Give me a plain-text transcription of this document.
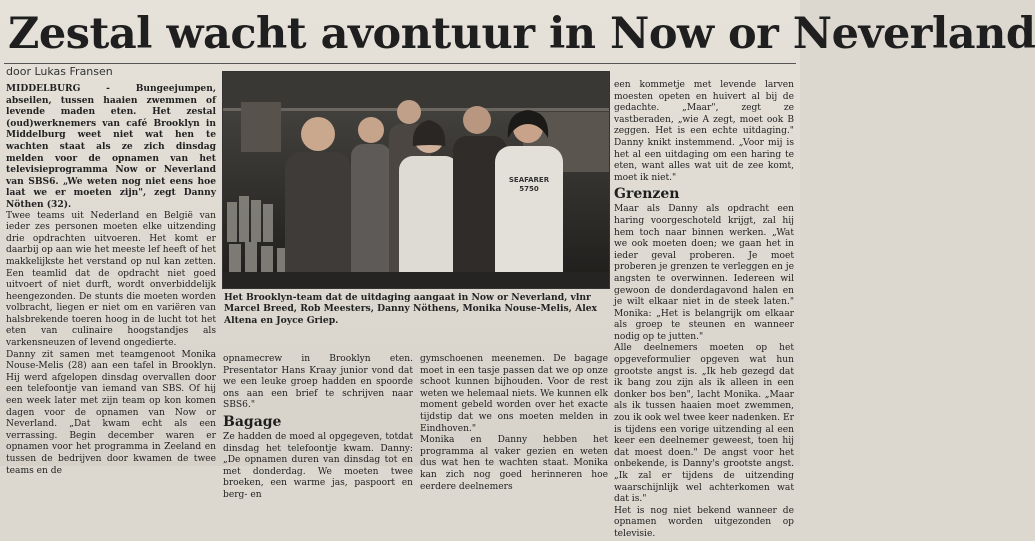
Zestal wacht avontuur in Now or Neverland
door Lukas Fransen

MIDDELBURG - Bungeejumpen, abseilen, tussen haaien zwemmen of levende maden eten. Het zestal (oud)werknemers van café Brooklyn in Middelburg weet niet wat hen te wachten staat als ze zich dinsdag melden voor de opnamen van het televisieprogramma Now or Neverland van SBS6. „We weten nog niet eens hoe laat we er moeten zijn", zegt Danny Nöthen (32).

Twee teams uit Nederland en België van ieder zes personen moeten elke uitzending drie opdrachten uitvoeren. Het komt er daarbij op aan wie het meeste lef heeft of het makkelijkste het verstand op nul kan zetten. Een teamlid dat de opdracht niet goed uitvoert of niet durft, wordt onverbiddelijk heengezonden. De stunts die moeten worden volbracht, liegen er niet om en variëren van halsbrekende toeren hoog in de lucht tot het eten van culinaire hoogstandjes als varkensneuzen of levend ongedierte.

Danny zit samen met teamgenoot Monika Nouse-Melis (28) aan een tafel in Brooklyn. Hij werd afgelopen dinsdag overvallen door een telefoontje van iemand van SBS. Of hij een week later met zijn team op kon komen dagen voor de opnamen van Now or Neverland. „Dat kwam echt als een verrassing. Begin december waren er opnamen voor het programma in Zeeland en tussen de bedrijven door kwamen de twee teams en de

SEAFARER
5750
Het Brooklyn-team dat de uitdaging aangaat in Now or Neverland, vlnr Marcel Breed, Rob Meesters, Danny Nöthens, Monika Nouse-Melis, Alex Altena en Joyce Griep.

opnamecrew in Brooklyn eten. Presentator Hans Kraay junior vond dat we een leuke groep hadden en spoorde ons aan een brief te schrijven naar SBS6."

Bagage

Ze hadden de moed al opgegeven, totdat dinsdag het telefoontje kwam. Danny: „De opnamen duren van dinsdag tot en met donderdag. We moeten twee broeken, een warme jas, paspoort en berg- en

gymschoenen meenemen. De bagage moet in een tasje passen dat we op onze schoot kunnen bijhouden. Voor de rest weten we helemaal niets. We kunnen elk moment gebeld worden over het exacte tijdstip dat we ons moeten melden in Eindhoven."

Monika en Danny hebben het programma al vaker gezien en weten dus wat hen te wachten staat. Monika kan zich nog goed herinneren hoe eerdere deelnemers

een kommetje met levende larven moesten opeten en huivert al bij de gedachte. „Maar", zegt ze vastberaden, „wie A zegt, moet ook B zeggen. Het is een echte uitdaging." Danny knikt instemmend. „Voor mij is het al een uitdaging om een haring te eten, want alles wat uit de zee komt, moet ik niet."

Grenzen

Maar als Danny als opdracht een haring voorgeschoteld krijgt, zal hij hem toch naar binnen werken. „Wat we ook moeten doen; we gaan het in ieder geval proberen. Je moet proberen je grenzen te verleggen en je angsten te overwinnen. Iedereen wil gewoon de donderdagavond halen en je wilt elkaar niet in de steek laten." Monika: „Het is belangrijk om elkaar als groep te steunen en wanneer nodig op te jutten."

Alle deelnemers moeten op het opgeveformulier opgeven wat hun grootste angst is. „Ik heb gezegd dat ik bang zou zijn als ik alleen in een donker bos ben", lacht Monika. „Maar als ik tussen haaien moet zwemmen, zou ik ook wel twee keer nadenken. Er is tijdens een vorige uitzending al een keer een deelnemer geweest, toen hij dat moest doen." De angst voor het onbekende, is Danny's grootste angst. „Ik zal er tijdens de uitzending waarschijnlijk wel achterkomen wat dat is."

Het is nog niet bekend wanneer de opnamen worden uitgezonden op televisie.
